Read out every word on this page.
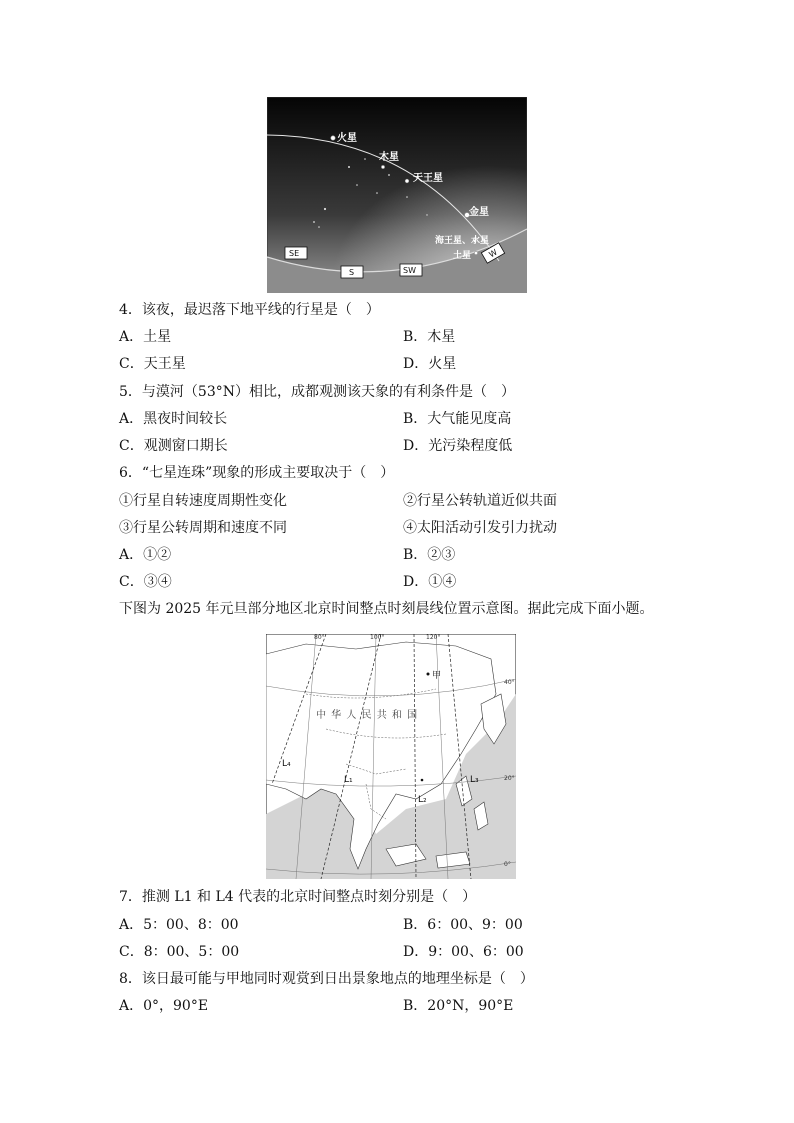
火星
木星
天王星
金星
海王星、水星
土星
SE
S	SW
W
4．该夜，最迟落下地平线的行星是（　）
A．土星	B．木星
C．天王星	D．火星
5．与漠河（53°N）相比，成都观测该天象的有利条件是（　）
A．黑夜时间较长	B．大气能见度高
C．观测窗口期长	D．光污染程度低
6．“七星连珠”现象的形成主要取决于（　）
①行星自转速度周期性变化	②行星公转轨道近似共面
③行星公转周期和速度不同	④太阳活动引发引力扰动
A．①②	B．②③
C．③④	D．①④
下图为 2025 年元旦部分地区北京时间整点时刻晨线位置示意图。据此完成下面小题。
80°	100°	120°
40°
20°
0°
中 华 人 民 共 和 国
L₄
L₁
L₂
L₃
甲
7．推测 L1 和 L4 代表的北京时间整点时刻分别是（　）
A．5：00、8：00	B．6：00、9：00
C．8：00、5：00	D．9：00、6：00
8．该日最可能与甲地同时观赏到日出景象地点的地理坐标是（　）
A．0°，90°E	B．20°N，90°E
